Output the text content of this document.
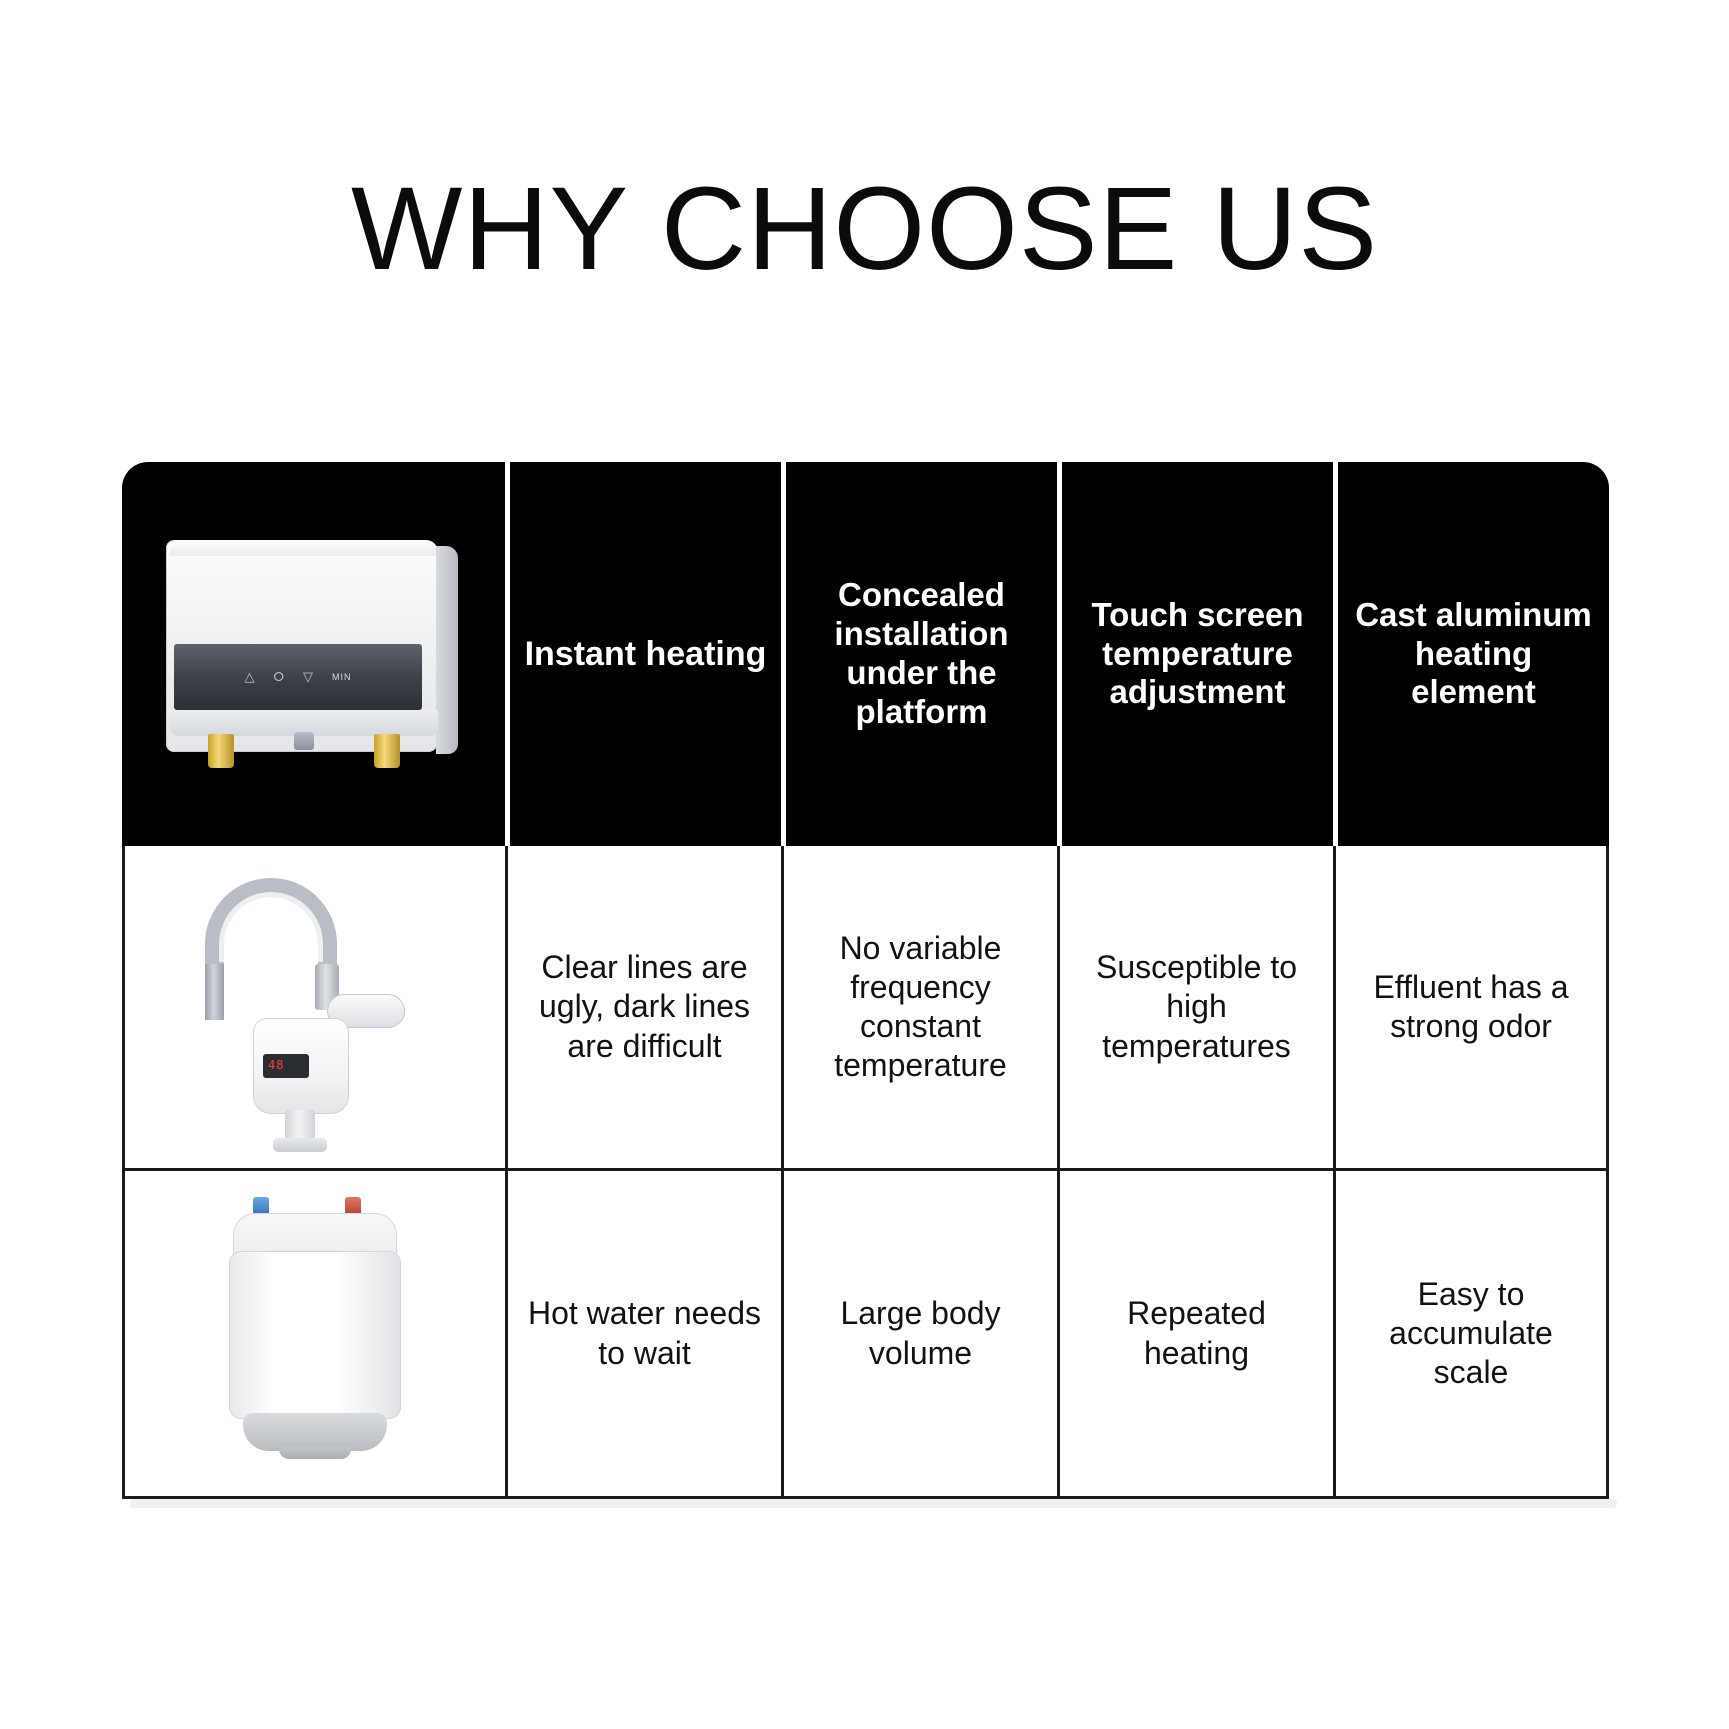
WHY CHOOSE US
△ ⭘ ▽ MIN
Instant heating
Concealed installation under the platform
Touch screen temperature adjustment
Cast aluminum heating element
48
Clear lines are ugly, dark lines are difficult
No variable frequency constant temperature
Susceptible to high temperatures
Effluent has a strong odor
Hot water needs to wait
Large body volume
Repeated heating
Easy to accumulate scale
